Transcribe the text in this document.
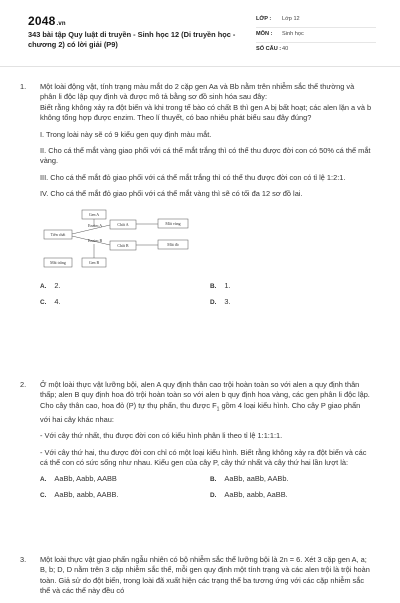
2048.vn
343 bài tập Quy luật di truyền - Sinh học 12 (Di truyền học - chương 2) có lời giải (P9)
LỚP : Lớp 12
MÔN : Sinh học
SỐ CÂU : 40
1. Một loài động vật, tính trạng màu mắt do 2 cặp gen Aa và Bb nằm trên nhiễm sắc thể thường và phân li độc lập quy định và được mô tả bằng sơ đồ sinh hóa sau đây:

Biết rằng không xảy ra đột biến và khi trong tế bào có chất B thì gen A bị bất hoạt; các alen lặn a và b không tổng hợp được enzim. Theo lí thuyết, có bao nhiêu phát biểu sau đây đúng?

I. Trong loài này sẽ có 9 kiểu gen quy định màu mắt.

II. Cho cá thể mắt vàng giao phối với cá thể mắt trắng thì có thể thu được đời con có 50% cá thể mắt vàng.

III. Cho cá thể mắt đỏ giao phối với cá thể mắt trắng thì có thể thu được đời con có tỉ lệ 1:2:1.

IV. Cho cá thể mắt đỏ giao phối với cá thể mắt vàng thì sẽ có tối đa 12 sơ đồ lai.

Gen A
Tiền chất
Enzim A	Chất A	Mắt vàng
Enzim B
Chất B	Mắt đỏ
Mắt trắng	Gen B
A. 2.	B. 1.
C. 4.	D. 3.
2. Ở một loài thực vật lưỡng bội, alen A quy định thân cao trội hoàn toàn so với alen a quy định thân thấp; alen B quy định hoa đỏ trội hoàn toàn so với alen b quy định hoa vàng, các gen phân li độc lập. Cho cây thân cao, hoa đỏ (P) tự thụ phấn, thu được $F_1$ gồm 4 loại kiểu hình. Cho cây P giao phấn với hai cây khác nhau:

- Với cây thứ nhất, thu được đời con có kiểu hình phân li theo tỉ lệ 1:1:1:1.

- Với cây thứ hai, thu được đời con chỉ có một loại kiểu hình. Biết rằng không xảy ra đột biến và các cá thể con có sức sống như nhau. Kiểu gen của cây P, cây thứ nhất và cây thứ hai lần lượt là:

A. AaBb, Aabb, AABB	B. AaBb, aaBb, AABb.
C. AaBb, aabb, AABB.	D. AaBb, aabb, AaBB.
3. Một loài thực vật giao phấn ngẫu nhiên có bộ nhiễm sắc thể lưỡng bội là 2n = 6. Xét 3 cặp gen A, a; B, b; D, D nằm trên 3 cặp nhiễm sắc thể, mỗi gen quy định một tính trạng và các alen trội là trội hoàn toàn. Giả sử do đột biến, trong loài đã xuất hiện các trạng thể ba tương ứng với các cặp nhiễm sắc thể và các thể này đều có
